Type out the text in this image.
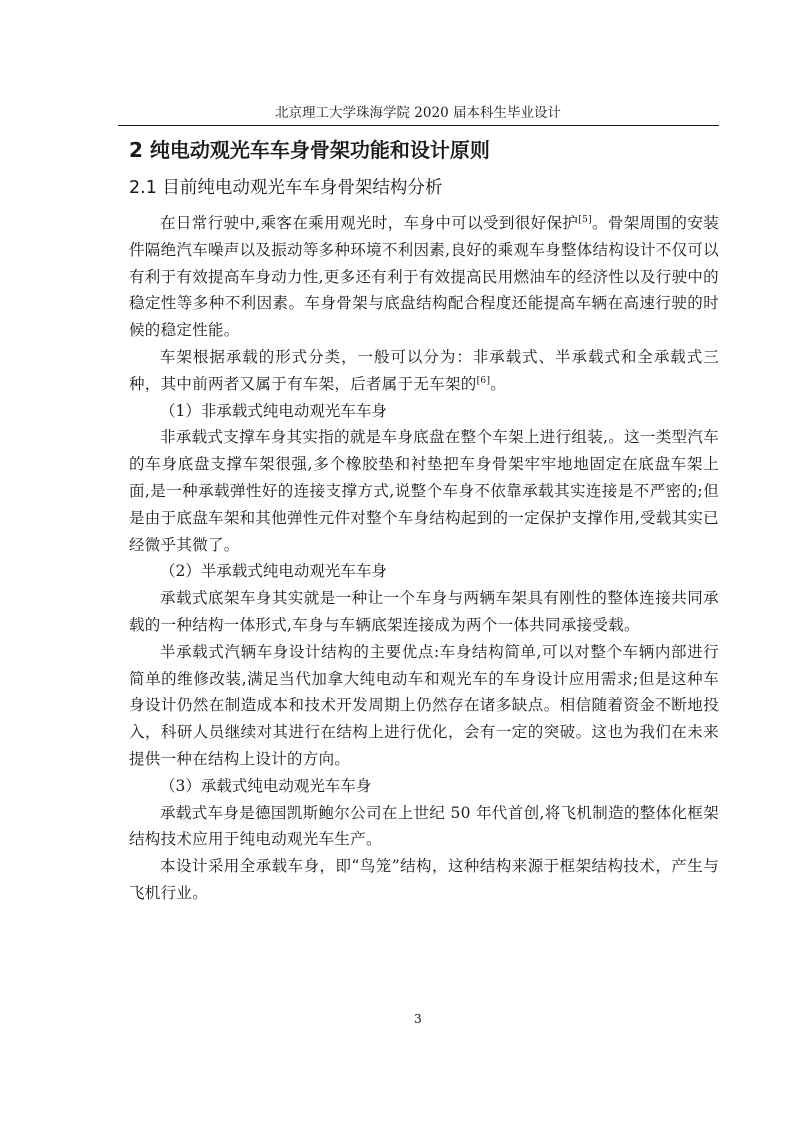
北京理工大学珠海学院 2020 届本科生毕业设计
2 纯电动观光车车身骨架功能和设计原则
2.1 目前纯电动观光车车身骨架结构分析

在日常行驶中,乘客在乘用观光时，车身中可以受到很好保护[5]。骨架周围的安装件隔绝汽车噪声以及振动等多种环境不利因素,良好的乘观车身整体结构设计不仅可以有利于有效提高车身动力性,更多还有利于有效提高民用燃油车的经济性以及行驶中的稳定性等多种不利因素。车身骨架与底盘结构配合程度还能提高车辆在高速行驶的时候的稳定性能。

车架根据承载的形式分类，一般可以分为：非承载式、半承载式和全承载式三种，其中前两者又属于有车架，后者属于无车架的[6]。

（1）非承载式纯电动观光车车身

非承载式支撑车身其实指的就是车身底盘在整个车架上进行组装,。这一类型汽车的车身底盘支撑车架很强,多个橡胶垫和衬垫把车身骨架牢牢地地固定在底盘车架上面,是一种承载弹性好的连接支撑方式,说整个车身不依靠承载其实连接是不严密的;但是由于底盘车架和其他弹性元件对整个车身结构起到的一定保护支撑作用,受载其实已经微乎其微了。

（2）半承载式纯电动观光车车身

承载式底架车身其实就是一种让一个车身与两辆车架具有刚性的整体连接共同承载的一种结构一体形式,车身与车辆底架连接成为两个一体共同承接受载。

半承载式汽辆车身设计结构的主要优点:车身结构简单,可以对整个车辆内部进行简单的维修改装,满足当代加拿大纯电动车和观光车的车身设计应用需求;但是这种车身设计仍然在制造成本和技术开发周期上仍然存在诸多缺点。相信随着资金不断地投入，科研人员继续对其进行在结构上进行优化，会有一定的突破。这也为我们在未来提供一种在结构上设计的方向。

（3）承载式纯电动观光车车身

承载式车身是德国凯斯鲍尔公司在上世纪 50 年代首创,将飞机制造的整体化框架结构技术应用于纯电动观光车生产。

本设计采用全承载车身，即“鸟笼”结构，这种结构来源于框架结构技术，产生与飞机行业。

3
